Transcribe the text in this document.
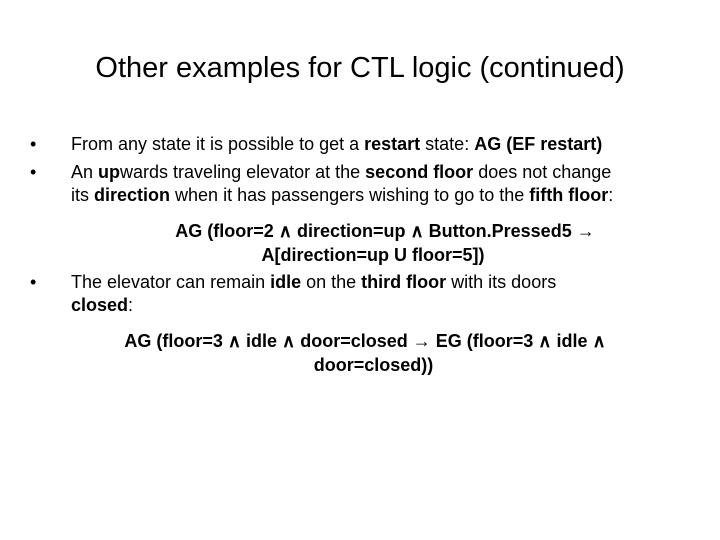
Other examples for CTL logic (continued)
• From any state it is possible to get a restart state: AG (EF restart)
• An upwards traveling elevator at the second floor does not change
its direction when it has passengers wishing to go to the fifth floor:
AG (floor=2 ∧ direction=up ∧ Button.Pressed5 →
A[direction=up U floor=5])
• The elevator can remain idle on the third floor with its doors
closed:
AG (floor=3 ∧ idle ∧ door=closed → EG (floor=3 ∧ idle ∧
door=closed))
